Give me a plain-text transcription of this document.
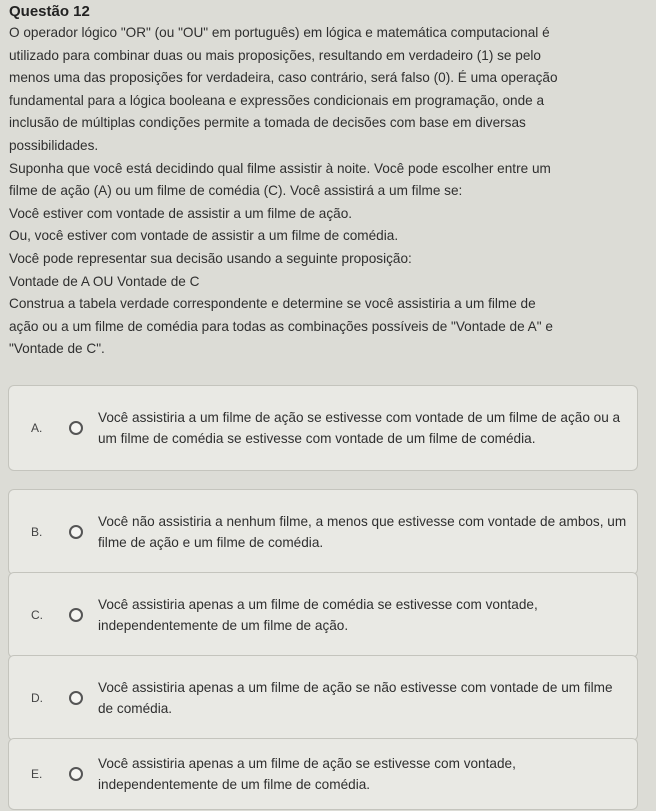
Questão 12

O operador lógico "OR" (ou "OU" em português) em lógica e matemática computacional é

utilizado para combinar duas ou mais proposições, resultando em verdadeiro (1) se pelo

menos uma das proposições for verdadeira, caso contrário, será falso (0). É uma operação

fundamental para a lógica booleana e expressões condicionais em programação, onde a

inclusão de múltiplas condições permite a tomada de decisões com base em diversas

possibilidades.

Suponha que você está decidindo qual filme assistir à noite. Você pode escolher entre um

filme de ação (A) ou um filme de comédia (C). Você assistirá a um filme se:

Você estiver com vontade de assistir a um filme de ação.

Ou, você estiver com vontade de assistir a um filme de comédia.

Você pode representar sua decisão usando a seguinte proposição:

Vontade de A OU Vontade de C

Construa a tabela verdade correspondente e determine se você assistiria a um filme de

ação ou a um filme de comédia para todas as combinações possíveis de "Vontade de A" e

"Vontade de C".

A.
Você assistiria a um filme de ação se estivesse com vontade de um filme de ação ou a um filme de comédia se estivesse com vontade de um filme de comédia.
B.
Você não assistiria a nenhum filme, a menos que estivesse com vontade de ambos, um filme de ação e um filme de comédia.
C.
Você assistiria apenas a um filme de comédia se estivesse com vontade, independentemente de um filme de ação.
D.
Você assistiria apenas a um filme de ação se não estivesse com vontade de um filme de comédia.
E.
Você assistiria apenas a um filme de ação se estivesse com vontade, independentemente de um filme de comédia.
